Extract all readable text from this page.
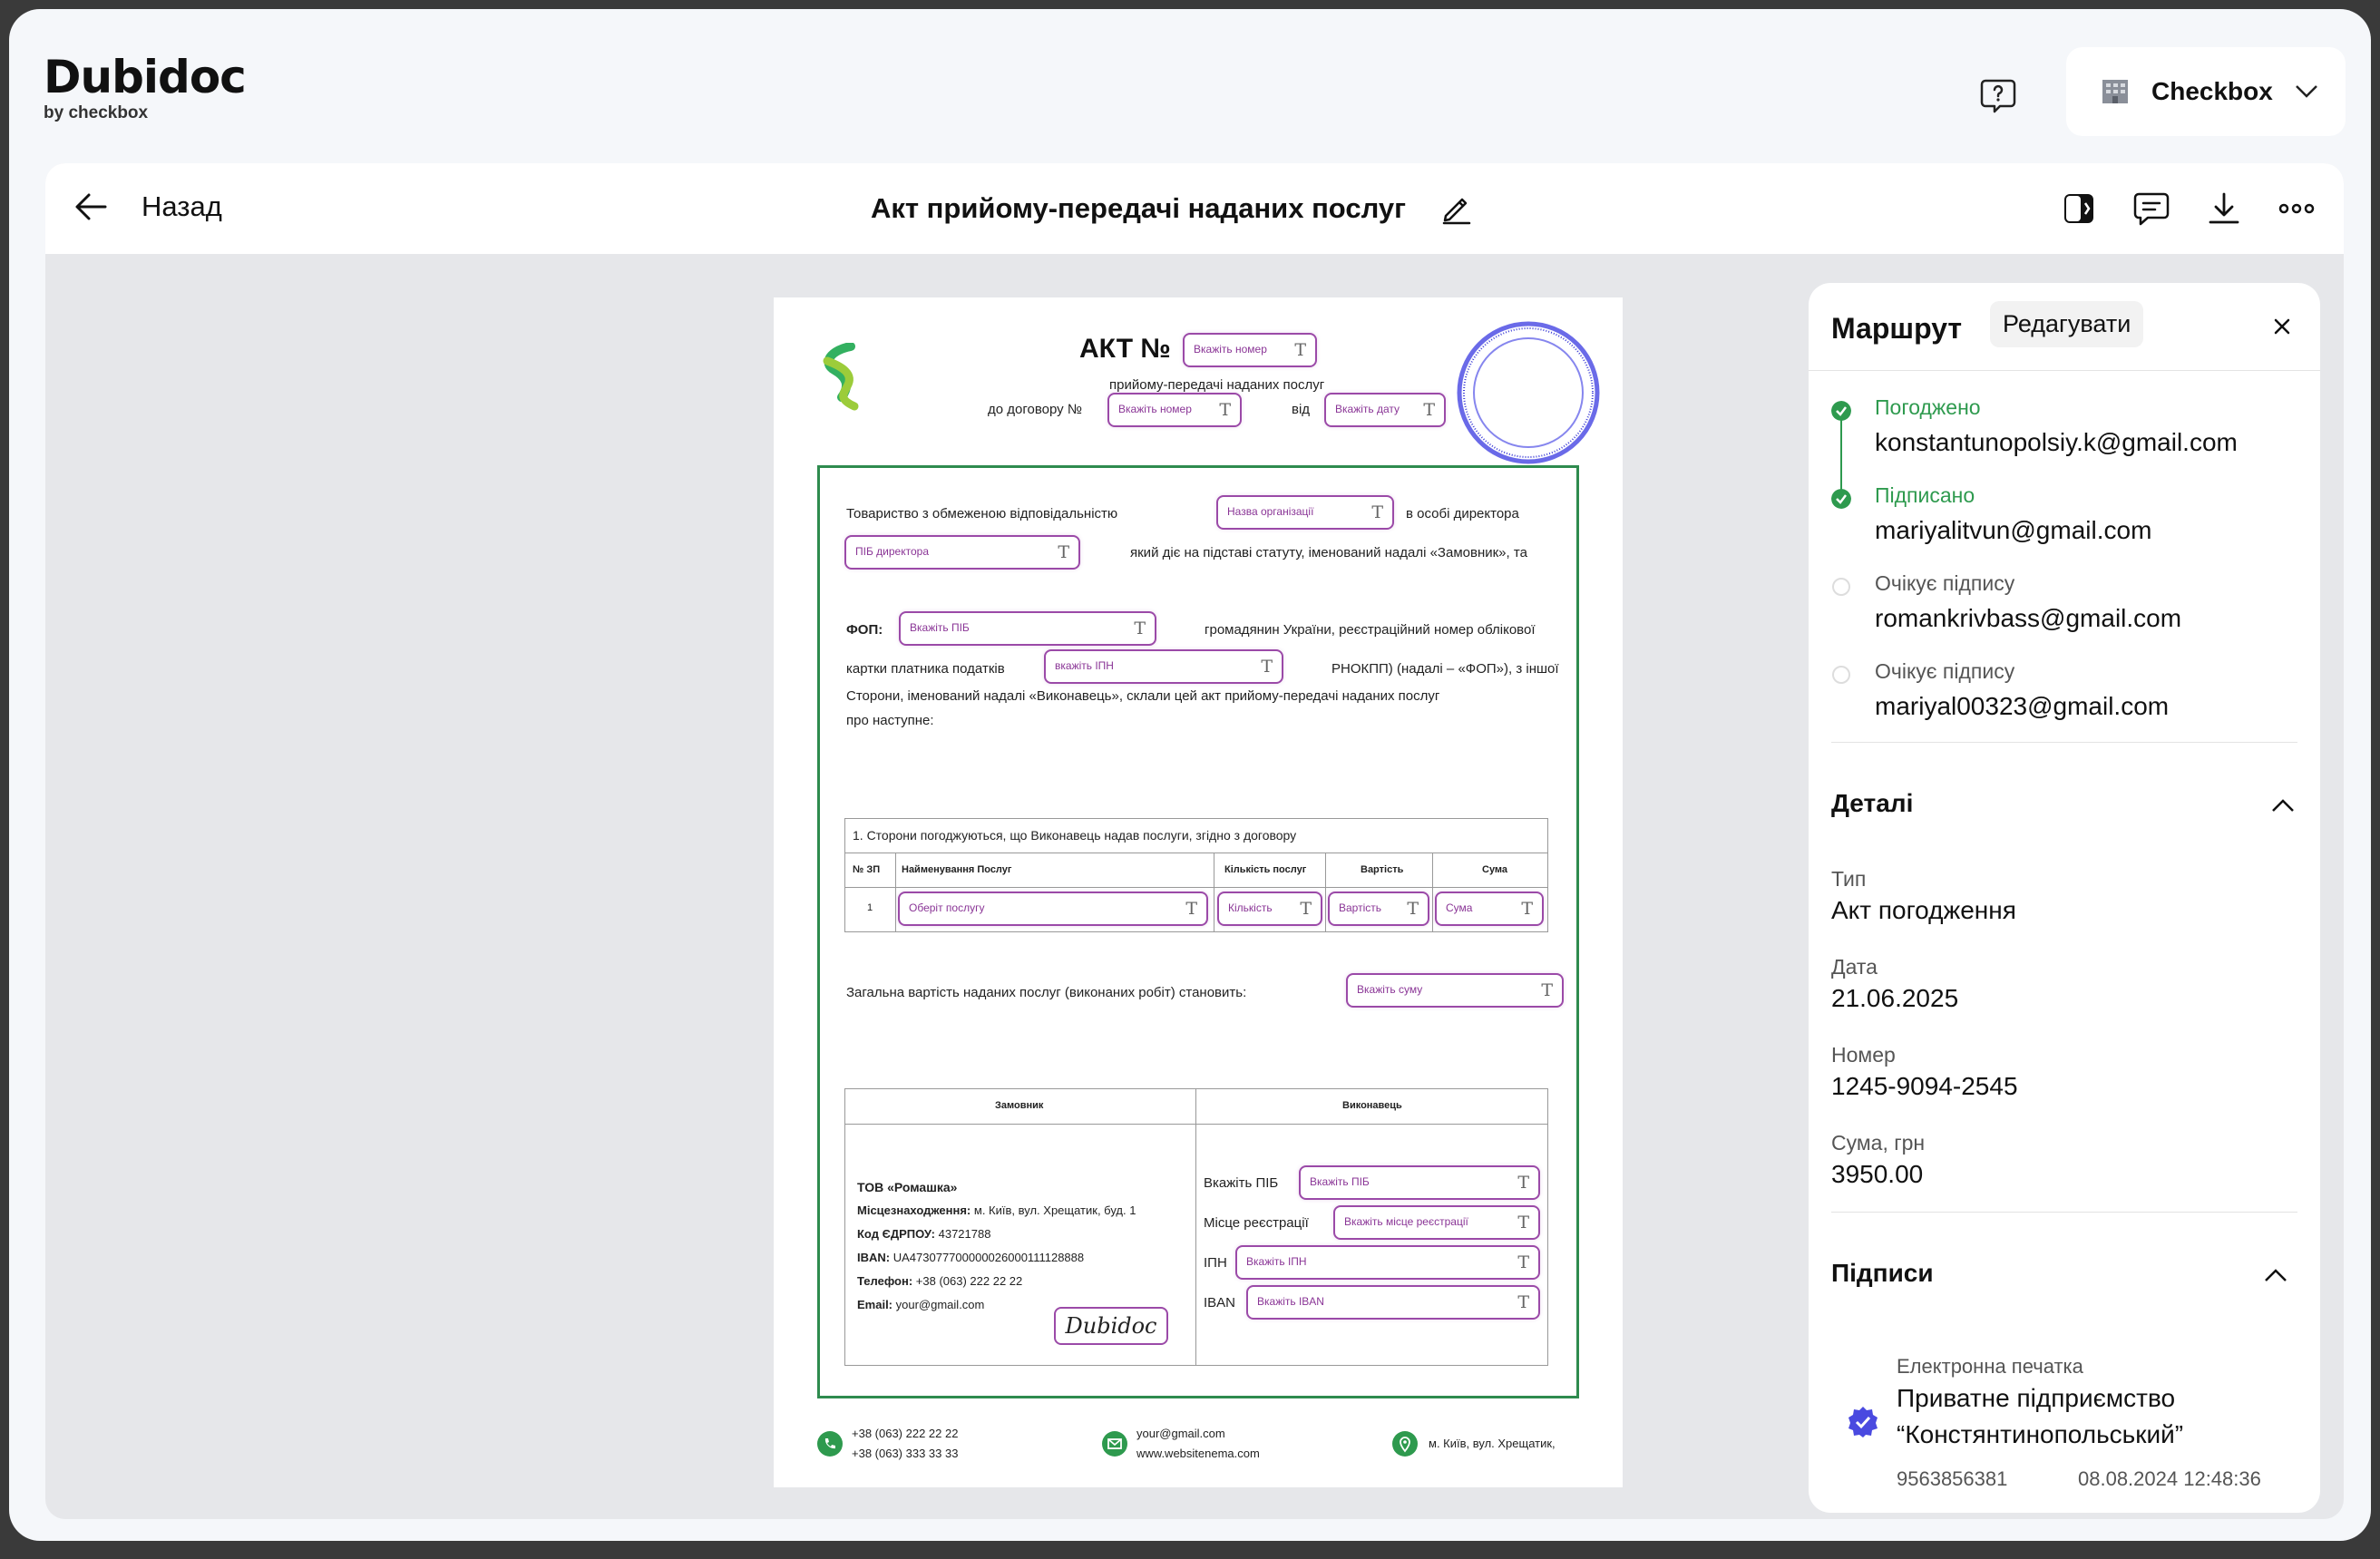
Dubidoc
by checkbox
Checkbox
Назад	Акт прийому-передачі наданих послуг
АКТ №	Вкажіть номер T
прийому-передачі наданих послуг
до договору №	Вкажіть номер T	від	Вкажіть дату T
Товариство з обмеженою відповідальністю	Назва організації	T в особі директора
ПІБ директора	T	який діє на підставі статуту, іменований надалі «Замовник», та
ФОП:	Вкажіть ПІБ	T	громадянин України, реєстраційний номер облікової
картки платника податків	вкажіть ІПН	T	РНОКПП) (надалі – «ФОП»), з іншої
Сторони, іменований надалі «Виконавець», склали цей акт прийому-передачі наданих послуг
про наступне:
1. Сторони погоджуються, що Виконавець надав послуги, згідно з договору
№ ЗП Найменування Послуг	Кількість послуг	Вартість	Сума
1	Оберіт послугу	T	Кількість T	Вартість T	Сума	T
Загальна вартість наданих послуг (виконаних робіт) становить:	Вкажіть суму	T
Замовник	Виконавець
ТОВ «Ромашка»
Місцезнаходження: м. Київ, вул. Хрещатик, буд. 1
Код ЄДРПОУ: 43721788
IBAN: UA473077700000026000111128888
Телефон: +38 (063) 222 22 22
Email: your@gmail.com
Dubidoc
Вкажіть ПІБ	Вкажіть ПІБ	T
Місце реєстрації	Вкажіть місце реєстрації	T
ІПН	Вкажіть ІПН	T
IBAN	Вкажіть IBAN	T
+38 (063) 222 22 22
+38 (063) 333 33 33
your@gmail.com
www.websitenema.com
м. Київ, вул. Хрещатик,
Маршрут	Редагувати
Погоджено
konstantunopolsiy.k@gmail.com
Підписано
mariyalitvun@gmail.com
Очікує підпису
romankrivbass@gmail.com
Очікує підпису
mariyal00323@gmail.com
Деталі
Тип
Акт погодження
Дата
21.06.2025
Номер
1245-9094-2545
Сума, грн
3950.00
Підписи
Електронна печатка
Приватне підприємство
“Констянтинопольський”
9563856381	08.08.2024 12:48:36
